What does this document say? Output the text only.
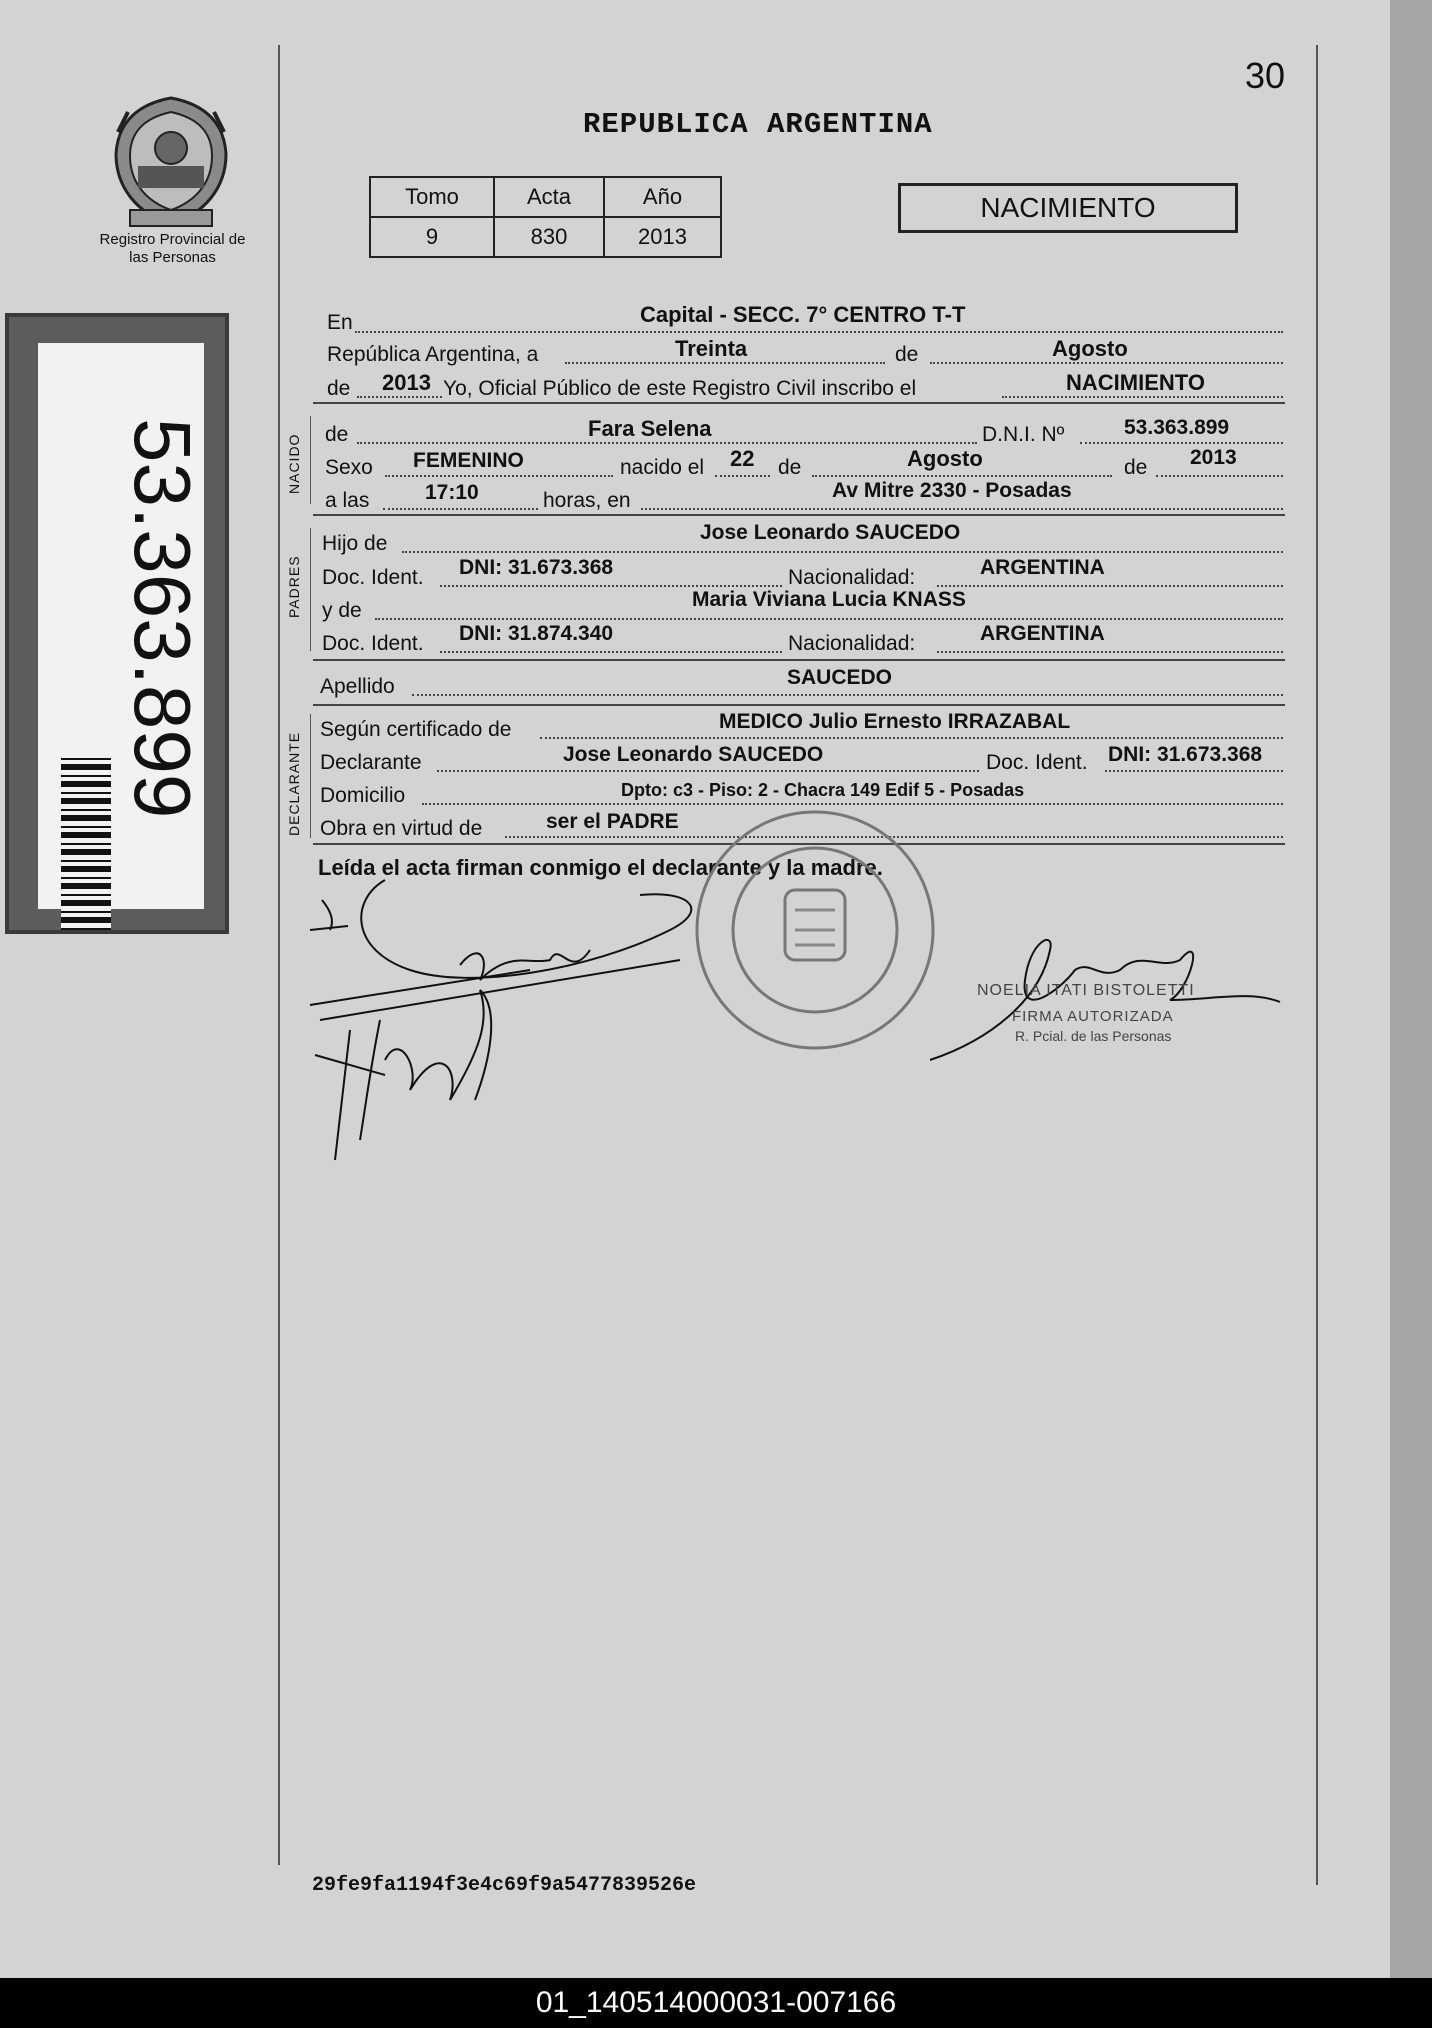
30
REPUBLICA ARGENTINA
Registro Provincial de las Personas
Tomo	Acta	Año
9	830	2013
NACIMIENTO
53.363.899
En	Capital - SECC. 7° CENTRO T-T
República Argentina, a	Treinta	de	Agosto
de 2013 Yo, Oficial Público de este Registro Civil inscribo el	NACIMIENTO
NACIDO de	Fara Selena	D.N.I. Nº	53.363.899
Sexo FEMENINO	nacido el 22 de	Agosto	de 2013
a las	17:10	horas, en	Av Mitre 2330 - Posadas
PADRES
Hijo de	Jose Leonardo SAUCEDO
Doc. Ident. DNI: 31.673.368	Nacionalidad:	ARGENTINA
y de	Maria Viviana Lucia KNASS
Doc. Ident. DNI: 31.874.340	Nacionalidad:	ARGENTINA
Apellido	SAUCEDO
DECLARANTE
Según certificado de	MEDICO Julio Ernesto IRRAZABAL
Declarante	Jose Leonardo SAUCEDO	Doc. Ident. DNI: 31.673.368
Domicilio	Dpto: c3 - Piso: 2 - Chacra 149 Edif 5 - Posadas
Obra en virtud de	ser el PADRE
Leída el acta firman conmigo el declarante y la madre.
NOELIA ITATI BISTOLETTI
FIRMA AUTORIZADA
R. Pcial. de las Personas
29fe9fa1194f3e4c69f9a5477839526e
01_140514000031-007166
